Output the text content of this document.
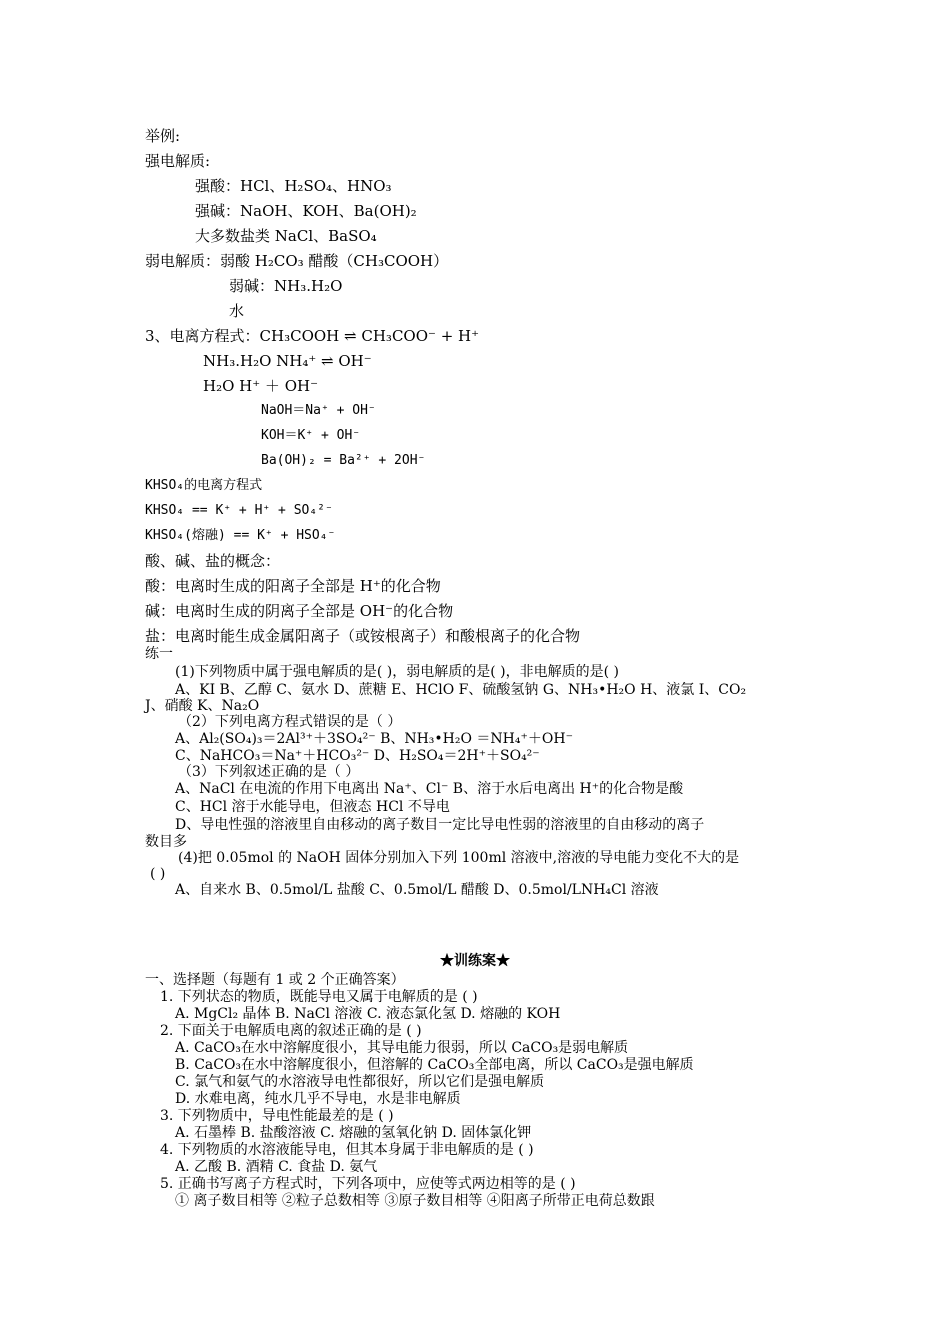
举例:
强电解质:
强酸：HCl、H₂SO₄、HNO₃
强碱：NaOH、KOH、Ba(OH)₂
大多数盐类 NaCl、BaSO₄
弱电解质：弱酸 H₂CO₃ 醋酸（CH₃COOH）
弱碱：NH₃.H₂O
水
3、电离方程式：CH₃COOH ⇌ CH₃COO⁻ + H⁺
NH₃.H₂O NH₄⁺ ⇌ OH⁻
H₂O H⁺ ＋ OH⁻
NaOH＝Na⁺ + OH⁻
KOH＝K⁺ + OH⁻
Ba(OH)₂ = Ba²⁺ + 2OH⁻
KHSO₄的电离方程式
KHSO₄ == K⁺ + H⁺ + SO₄²⁻
KHSO₄(熔融) == K⁺ + HSO₄⁻
酸、碱、盐的概念：
酸：电离时生成的阳离子全部是 H⁺的化合物
碱：电离时生成的阴离子全部是 OH⁻的化合物
盐：电离时能生成金属阳离子（或铵根离子）和酸根离子的化合物
练一
(1)下列物质中属于强电解质的是( )，弱电解质的是( )，非电解质的是( )
A、KI B、乙醇 C、氨水 D、蔗糖 E、HClO F、硫酸氢钠 G、NH₃•H₂O H、液氯 I、CO₂
J、硝酸 K、Na₂O
（2）下列电离方程式错误的是（ ）
A、Al₂(SO₄)₃＝2Al³⁺＋3SO₄²⁻ B、NH₃•H₂O ＝NH₄⁺＋OH⁻
C、NaHCO₃＝Na⁺＋HCO₃²⁻ D、H₂SO₄＝2H⁺＋SO₄²⁻
（3）下列叙述正确的是（ ）
A、NaCl 在电流的作用下电离出 Na⁺、Cl⁻ B、溶于水后电离出 H⁺的化合物是酸
C、HCl 溶于水能导电，但液态 HCl 不导电
D、导电性强的溶液里自由移动的离子数目一定比导电性弱的溶液里的自由移动的离子
数目多
(4)把 0.05mol 的 NaOH 固体分别加入下列 100ml 溶液中,溶液的导电能力变化不大的是
( )
A、自来水 B、0.5mol/L 盐酸 C、0.5mol/L 醋酸 D、0.5mol/LNH₄Cl 溶液
★训练案★
一、选择题（每题有 1 或 2 个正确答案）
1. 下列状态的物质，既能导电又属于电解质的是 ( )
A. MgCl₂ 晶体 B. NaCl 溶液 C. 液态氯化氢 D. 熔融的 KOH
2. 下面关于电解质电离的叙述正确的是 ( )
A. CaCO₃在水中溶解度很小，其导电能力很弱，所以 CaCO₃是弱电解质
B. CaCO₃在水中溶解度很小，但溶解的 CaCO₃全部电离，所以 CaCO₃是强电解质
C. 氯气和氨气的水溶液导电性都很好，所以它们是强电解质
D. 水难电离，纯水几乎不导电，水是非电解质
3. 下列物质中，导电性能最差的是 ( )
A. 石墨棒 B. 盐酸溶液 C. 熔融的氢氧化钠 D. 固体氯化钾
4. 下列物质的水溶液能导电，但其本身属于非电解质的是 ( )
A. 乙酸 B. 酒精 C. 食盐 D. 氨气
5. 正确书写离子方程式时，下列各项中，应使等式两边相等的是 ( )
① 离子数目相等 ②粒子总数相等 ③原子数目相等 ④阳离子所带正电荷总数跟
